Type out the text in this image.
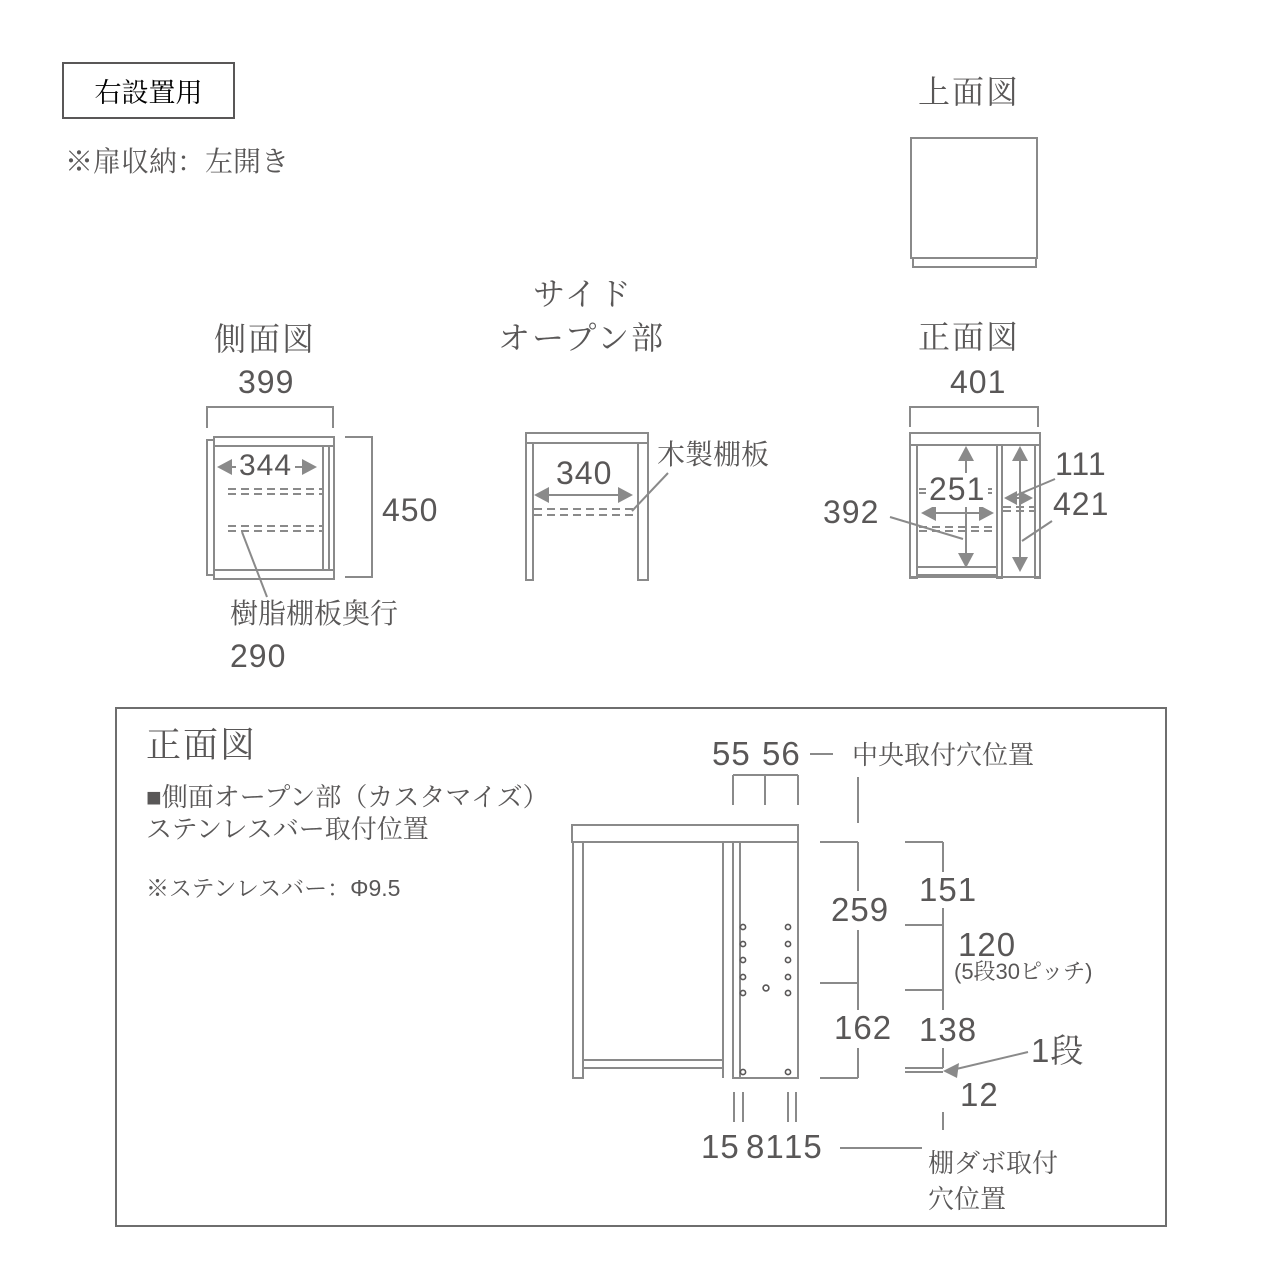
右設置用
※扉収納：左開き
上面図
側面図
399
344
450
樹脂棚板奥行
290
サイド
オープン部
340
木製棚板
正面図
401
251
392
111
421
正面図
■側面オープン部（カスタマイズ）
ステンレスバー取付位置
※ステンレスバー：Φ9.5
55 56 中央取付穴位置
259
151
120
(5段30ピッチ)
162 138
1段
12
15 81 15	棚ダボ取付
穴位置
